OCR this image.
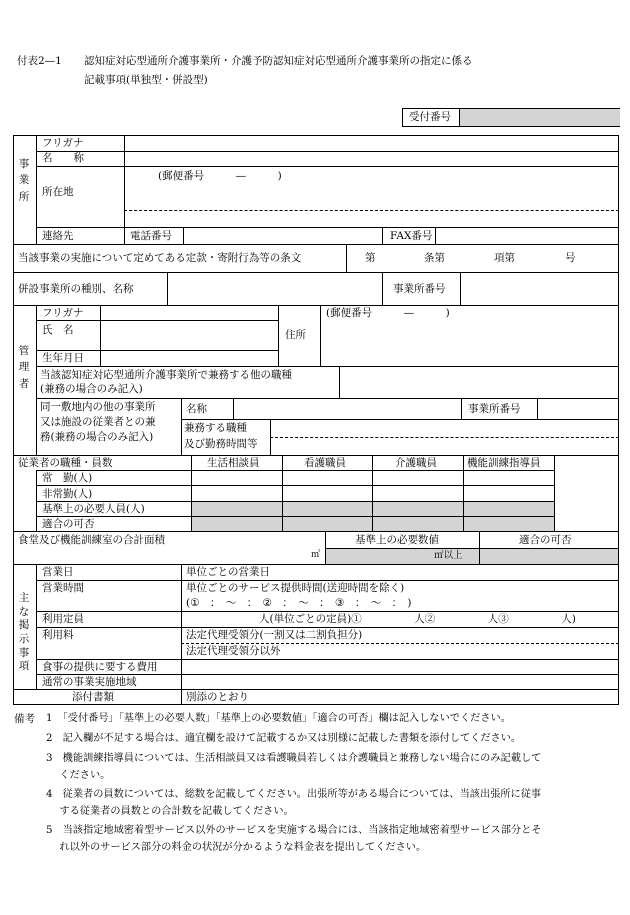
付表2—1 認知症対応型通所介護事業所・介護予防認知症対応型通所介護事業所の指定に係る
記載事項(単独型・併設型)
受付番号
事業所
フリガナ
名　　称
所在地
(郵便番号　　　—　　　)
連絡先	電話番号	FAX番号
当該事業の実施について定めてある定款・寄附行為等の条文	第	条第	項第	号
併設事業所の種別、名称	事業所番号
管理者
フリガナ
氏　名	住所
(郵便番号　　　—　　　)
生年月日
当該認知症対応型通所介護事業所で兼務する他の職種
(兼務の場合のみ記入)
同一敷地内の他の事業所
又は施設の従業者との兼
務(兼務の場合のみ記入)
名称	事業所番号
兼務する職種
及び勤務時間等
従業者の職種・員数	生活相談員	看護職員	介護職員	機能訓練指導員
常　勤(人)
非常勤(人)
基準上の必要人員(人)
適合の可否
食堂及び機能訓練室の合計面積	基準上の必要数値	適合の可否
㎡	㎡以上
主な掲示事項
営業日	単位ごとの営業日
営業時間	単位ごとのサービス提供時間(送迎時間を除く)
(①　：　～　：　②　：　～　：　③　：　～　：　)
利用定員	人(単位ごとの定員)①　　　　　人②　　　　　人③　　　　　人)
利用料	法定代理受領分(一割又は二割負担分)
法定代理受領分以外
食事の提供に要する費用
通常の事業実施地域
添付書類	別添のとおり
備考 1　「受付番号」「基準上の必要人数」「基準上の必要数値」「適合の可否」欄は記入しないでください。
2　記入欄が不足する場合は、適宜欄を設けて記載するか又は別様に記載した書類を添付してください。
3　機能訓練指導員については、生活相談員又は看護職員若しくは介護職員と兼務しない場合にのみ記載して
　 ください。
4　従業者の員数については、総数を記載してください。出張所等がある場合については、当該出張所に従事
　 する従業者の員数との合計数を記載してください。
5　当該指定地域密着型サービス以外のサービスを実施する場合には、当該指定地域密着型サービス部分とそ
　 れ以外のサービス部分の料金の状況が分かるような料金表を提出してください。
